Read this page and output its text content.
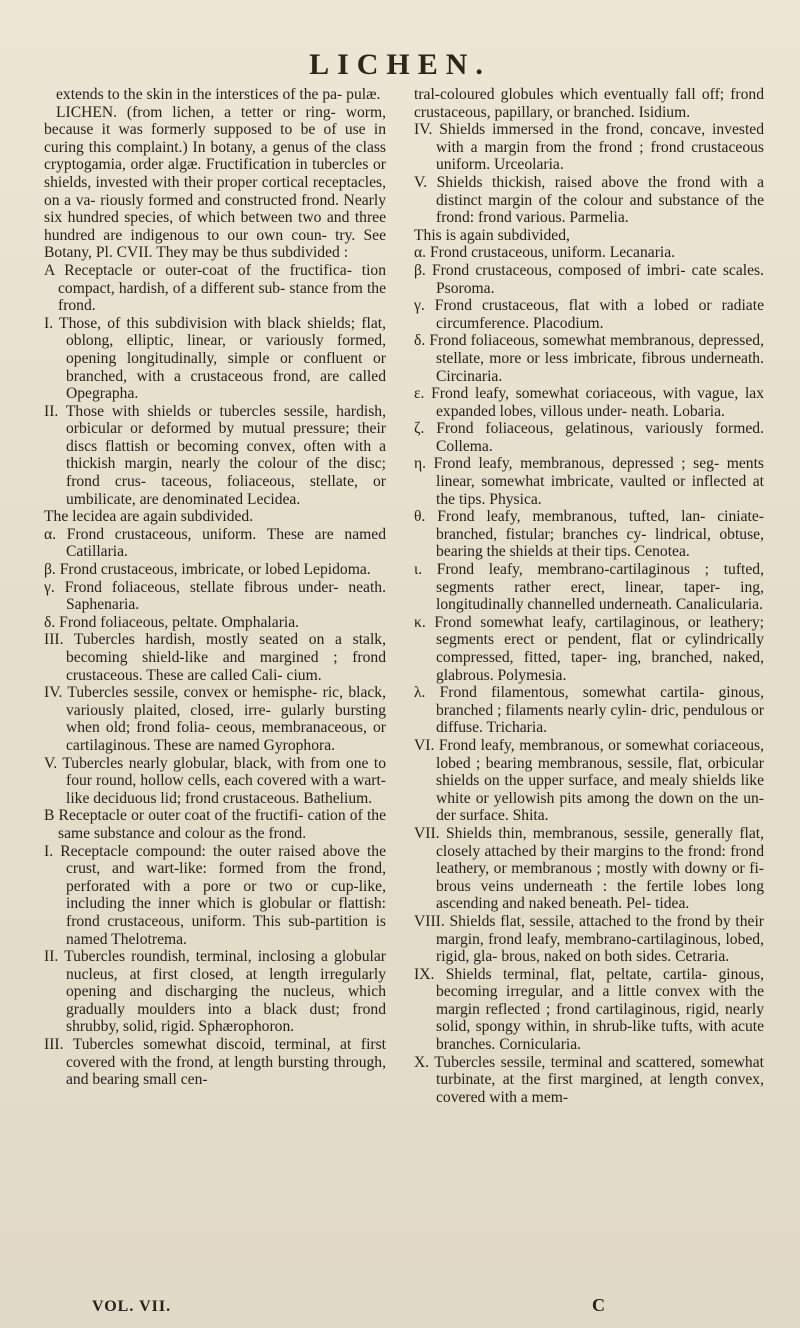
LICHEN.

extends to the skin in the interstices of the pa- pulæ.

LICHEN. (from lichen, a tetter or ring- worm, because it was formerly supposed to be of use in curing this complaint.) In botany, a genus of the class cryptogamia, order algæ. Fructification in tubercles or shields, invested with their proper cortical receptacles, on a va- riously formed and constructed frond. Nearly six hundred species, of which between two and three hundred are indigenous to our own coun- try. See Botany, Pl. CVII. They may be thus subdivided :

A Receptacle or outer-coat of the fructifica- tion compact, hardish, of a different sub- stance from the frond.

I. Those, of this subdivision with black shields; flat, oblong, elliptic, linear, or variously formed, opening longitudinally, simple or confluent or branched, with a crustaceous frond, are called Opegrapha.

II. Those with shields or tubercles sessile, hardish, orbicular or deformed by mutual pressure; their discs flattish or becoming convex, often with a thickish margin, nearly the colour of the disc; frond crus- taceous, foliaceous, stellate, or umbilicate, are denominated Lecidea.

The lecidea are again subdivided.

α. Frond crustaceous, uniform. These are named Catillaria.

β. Frond crustaceous, imbricate, or lobed Lepidoma.

γ. Frond foliaceous, stellate fibrous under- neath. Saphenaria.

δ. Frond foliaceous, peltate. Omphalaria.

III. Tubercles hardish, mostly seated on a stalk, becoming shield-like and margined ; frond crustaceous. These are called Cali- cium.

IV. Tubercles sessile, convex or hemisphe- ric, black, variously plaited, closed, irre- gularly bursting when old; frond folia- ceous, membranaceous, or cartilaginous. These are named Gyrophora.

V. Tubercles nearly globular, black, with from one to four round, hollow cells, each covered with a wart-like deciduous lid; frond crustaceous. Bathelium.

B Receptacle or outer coat of the fructifi- cation of the same substance and colour as the frond.

I. Receptacle compound: the outer raised above the crust, and wart-like: formed from the frond, perforated with a pore or two or cup-like, including the inner which is globular or flattish: frond crustaceous, uniform. This sub-partition is named Thelotrema.

II. Tubercles roundish, terminal, inclosing a globular nucleus, at first closed, at length irregularly opening and discharging the nucleus, which gradually moulders into a black dust; frond shrubby, solid, rigid. Sphærophoron.

III. Tubercles somewhat discoid, terminal, at first covered with the frond, at length bursting through, and bearing small cen-

tral-coloured globules which eventually fall off; frond crustaceous, papillary, or branched. Isidium.

IV. Shields immersed in the frond, concave, invested with a margin from the frond ; frond crustaceous uniform. Urceolaria.

V. Shields thickish, raised above the frond with a distinct margin of the colour and substance of the frond: frond various. Parmelia.

This is again subdivided,

α. Frond crustaceous, uniform. Lecanaria.

β. Frond crustaceous, composed of imbri- cate scales. Psoroma.

γ. Frond crustaceous, flat with a lobed or radiate circumference. Placodium.

δ. Frond foliaceous, somewhat membranous, depressed, stellate, more or less imbricate, fibrous underneath. Circinaria.

ε. Frond leafy, somewhat coriaceous, with vague, lax expanded lobes, villous under- neath. Lobaria.

ζ. Frond foliaceous, gelatinous, variously formed. Collema.

η. Frond leafy, membranous, depressed ; seg- ments linear, somewhat imbricate, vaulted or inflected at the tips. Physica.

θ. Frond leafy, membranous, tufted, lan- ciniate-branched, fistular; branches cy- lindrical, obtuse, bearing the shields at their tips. Cenotea.

ι. Frond leafy, membrano-cartilaginous ; tufted, segments rather erect, linear, taper- ing, longitudinally channelled underneath. Canalicularia.

κ. Frond somewhat leafy, cartilaginous, or leathery; segments erect or pendent, flat or cylindrically compressed, fitted, taper- ing, branched, naked, glabrous. Polymesia.

λ. Frond filamentous, somewhat cartila- ginous, branched ; filaments nearly cylin- dric, pendulous or diffuse. Tricharia.

VI. Frond leafy, membranous, or somewhat coriaceous, lobed ; bearing membranous, sessile, flat, orbicular shields on the upper surface, and mealy shields like white or yellowish pits among the down on the un- der surface. Shita.

VII. Shields thin, membranous, sessile, generally flat, closely attached by their margins to the frond: frond leathery, or membranous ; mostly with downy or fi- brous veins underneath : the fertile lobes long ascending and naked beneath. Pel- tidea.

VIII. Shields flat, sessile, attached to the frond by their margin, frond leafy, membrano-cartilaginous, lobed, rigid, gla- brous, naked on both sides. Cetraria.

IX. Shields terminal, flat, peltate, cartila- ginous, becoming irregular, and a little convex with the margin reflected ; frond cartilaginous, rigid, nearly solid, spongy within, in shrub-like tufts, with acute branches. Cornicularia.

X. Tubercles sessile, terminal and scattered, somewhat turbinate, at the first margined, at length convex, covered with a mem-

VOL. VII.	C
